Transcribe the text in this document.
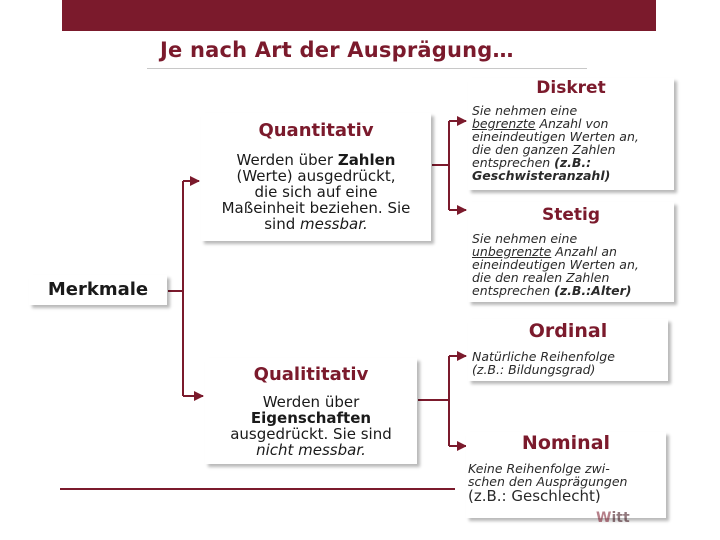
Je nach Art der Ausprägung…
Merkmale
Quantitativ
Werden über Zahlen
(Werte) ausgedrückt,
die sich auf eine
Maßeinheit beziehen. Sie
sind messbar.
Qualititativ
Werden über
Eigenschaften
ausgedrückt. Sie sind
nicht messbar.
Diskret
Sie nehmen eine
begrenzte Anzahl von
eineindeutigen Werten an,
die den ganzen Zahlen
entsprechen (z.B.:
Geschwisteranzahl)
Stetig
Sie nehmen eine
unbegrenzte Anzahl an
eineindeutigen Werten an,
die den realen Zahlen
entsprechen (z.B.:Alter)
Ordinal
Natürliche Reihenfolge
(z.B.: Bildungsgrad)
Nominal
Keine Reihenfolge zwi-
schen den Ausprägungen
(z.B.: Geschlecht)
Witt
